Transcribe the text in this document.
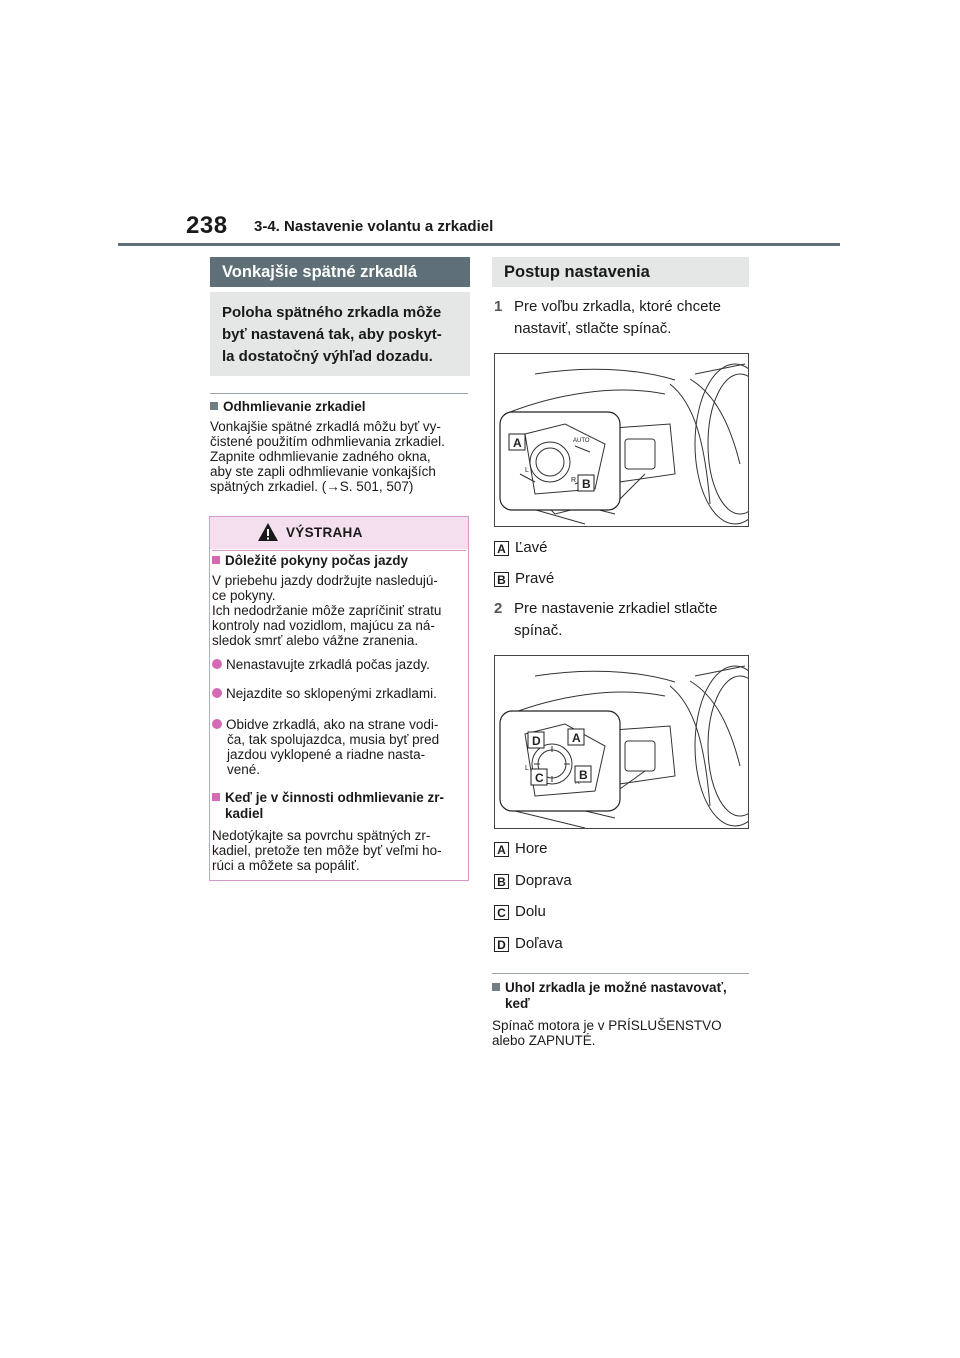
238 3-4. Nastavenie volantu a zrkadiel
Vonkajšie spätné zrkadlá
Poloha spätného zrkadla môže
byť nastavená tak, aby poskyt-
la dostatočný výhľad dozadu.
Odhmlievanie zrkadiel
Vonkajšie spätné zrkadlá môžu byť vy-
čistené použitím odhmlievania zrkadiel.
Zapnite odhmlievanie zadného okna,
aby ste zapli odhmlievanie vonkajších
spätných zrkadiel. (→S. 501, 507)
VÝSTRAHA
Dôležité pokyny počas jazdy
V priebehu jazdy dodržujte nasledujú-
ce pokyny.
Ich nedodržanie môže zapríčiniť stratu
kontroly nad vozidlom, majúcu za ná-
sledok smrť alebo vážne zranenia.
Nenastavujte zrkadlá počas jazdy.
Nejazdite so sklopenými zrkadlami.
Obidve zrkadlá, ako na strane vodi-
ča, tak spolujazdca, musia byť pred
jazdou vyklopené a riadne nasta-
vené.
Keď je v činnosti odhmlievanie zr-
kadiel
Nedotýkajte sa povrchu spätných zr-
kadiel, pretože ten môže byť veľmi ho-
rúci a môžete sa popáliť.
Postup nastavenia
1 Pre voľbu zrkadla, ktoré chcete
nastaviť, stlačte spínač.
AUTO
L
R
A
B
A Ľavé
B Pravé
2 Pre nastavenie zrkadiel stlačte
spínač.
L
D	A
C	B
A Hore
B Doprava
C Dolu
D Doľava
Uhol zrkadla je možné nastavovať,
keď
Spínač motora je v PRÍSLUŠENSTVO
alebo ZAPNUTÉ.
